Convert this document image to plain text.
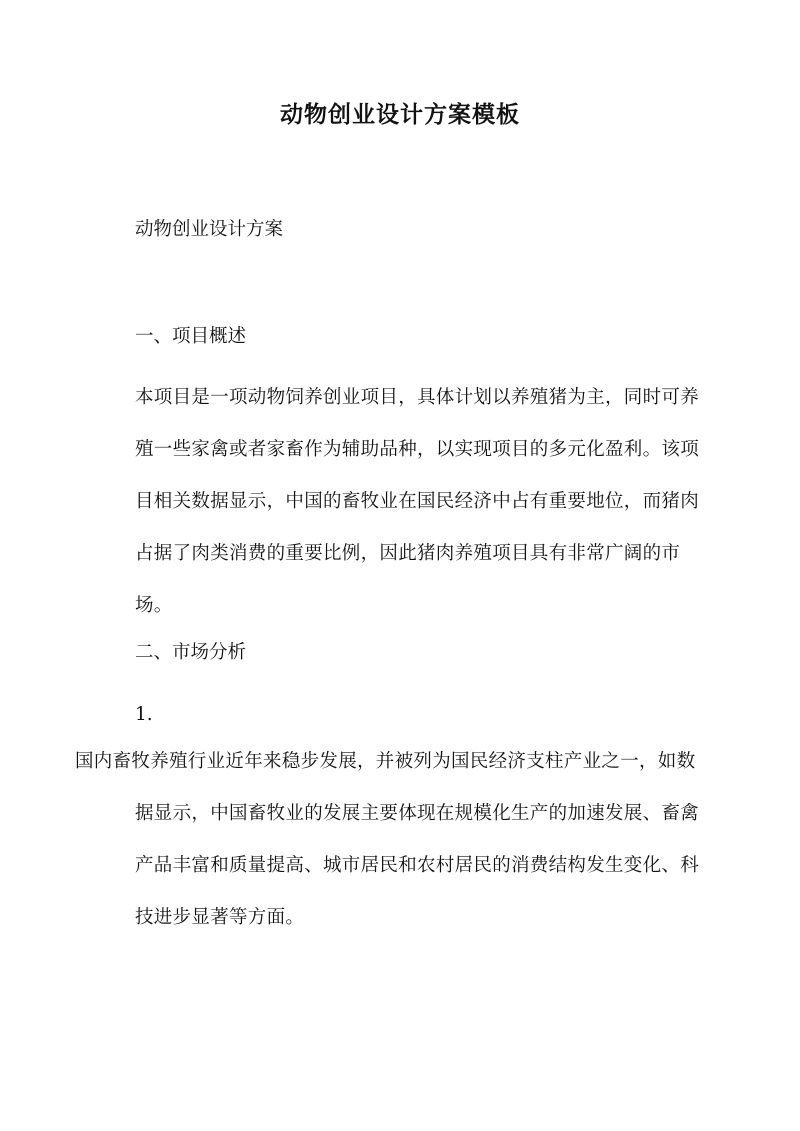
动物创业设计方案模板
动物创业设计方案
一、项目概述
本项目是一项动物饲养创业项目，具体计划以养殖猪为主，同时可养殖一些家禽或者家畜作为辅助品种，以实现项目的多元化盈利。该项目相关数据显示，中国的畜牧业在国民经济中占有重要地位，而猪肉占据了肉类消费的重要比例，因此猪肉养殖项目具有非常广阔的市场。
二、市场分析
1.
国内畜牧养殖行业近年来稳步发展，并被列为国民经济支柱产业之一，如数据显示，中国畜牧业的发展主要体现在规模化生产的加速发展、畜禽产品丰富和质量提高、城市居民和农村居民的消费结构发生变化、科技进步显著等方面。
